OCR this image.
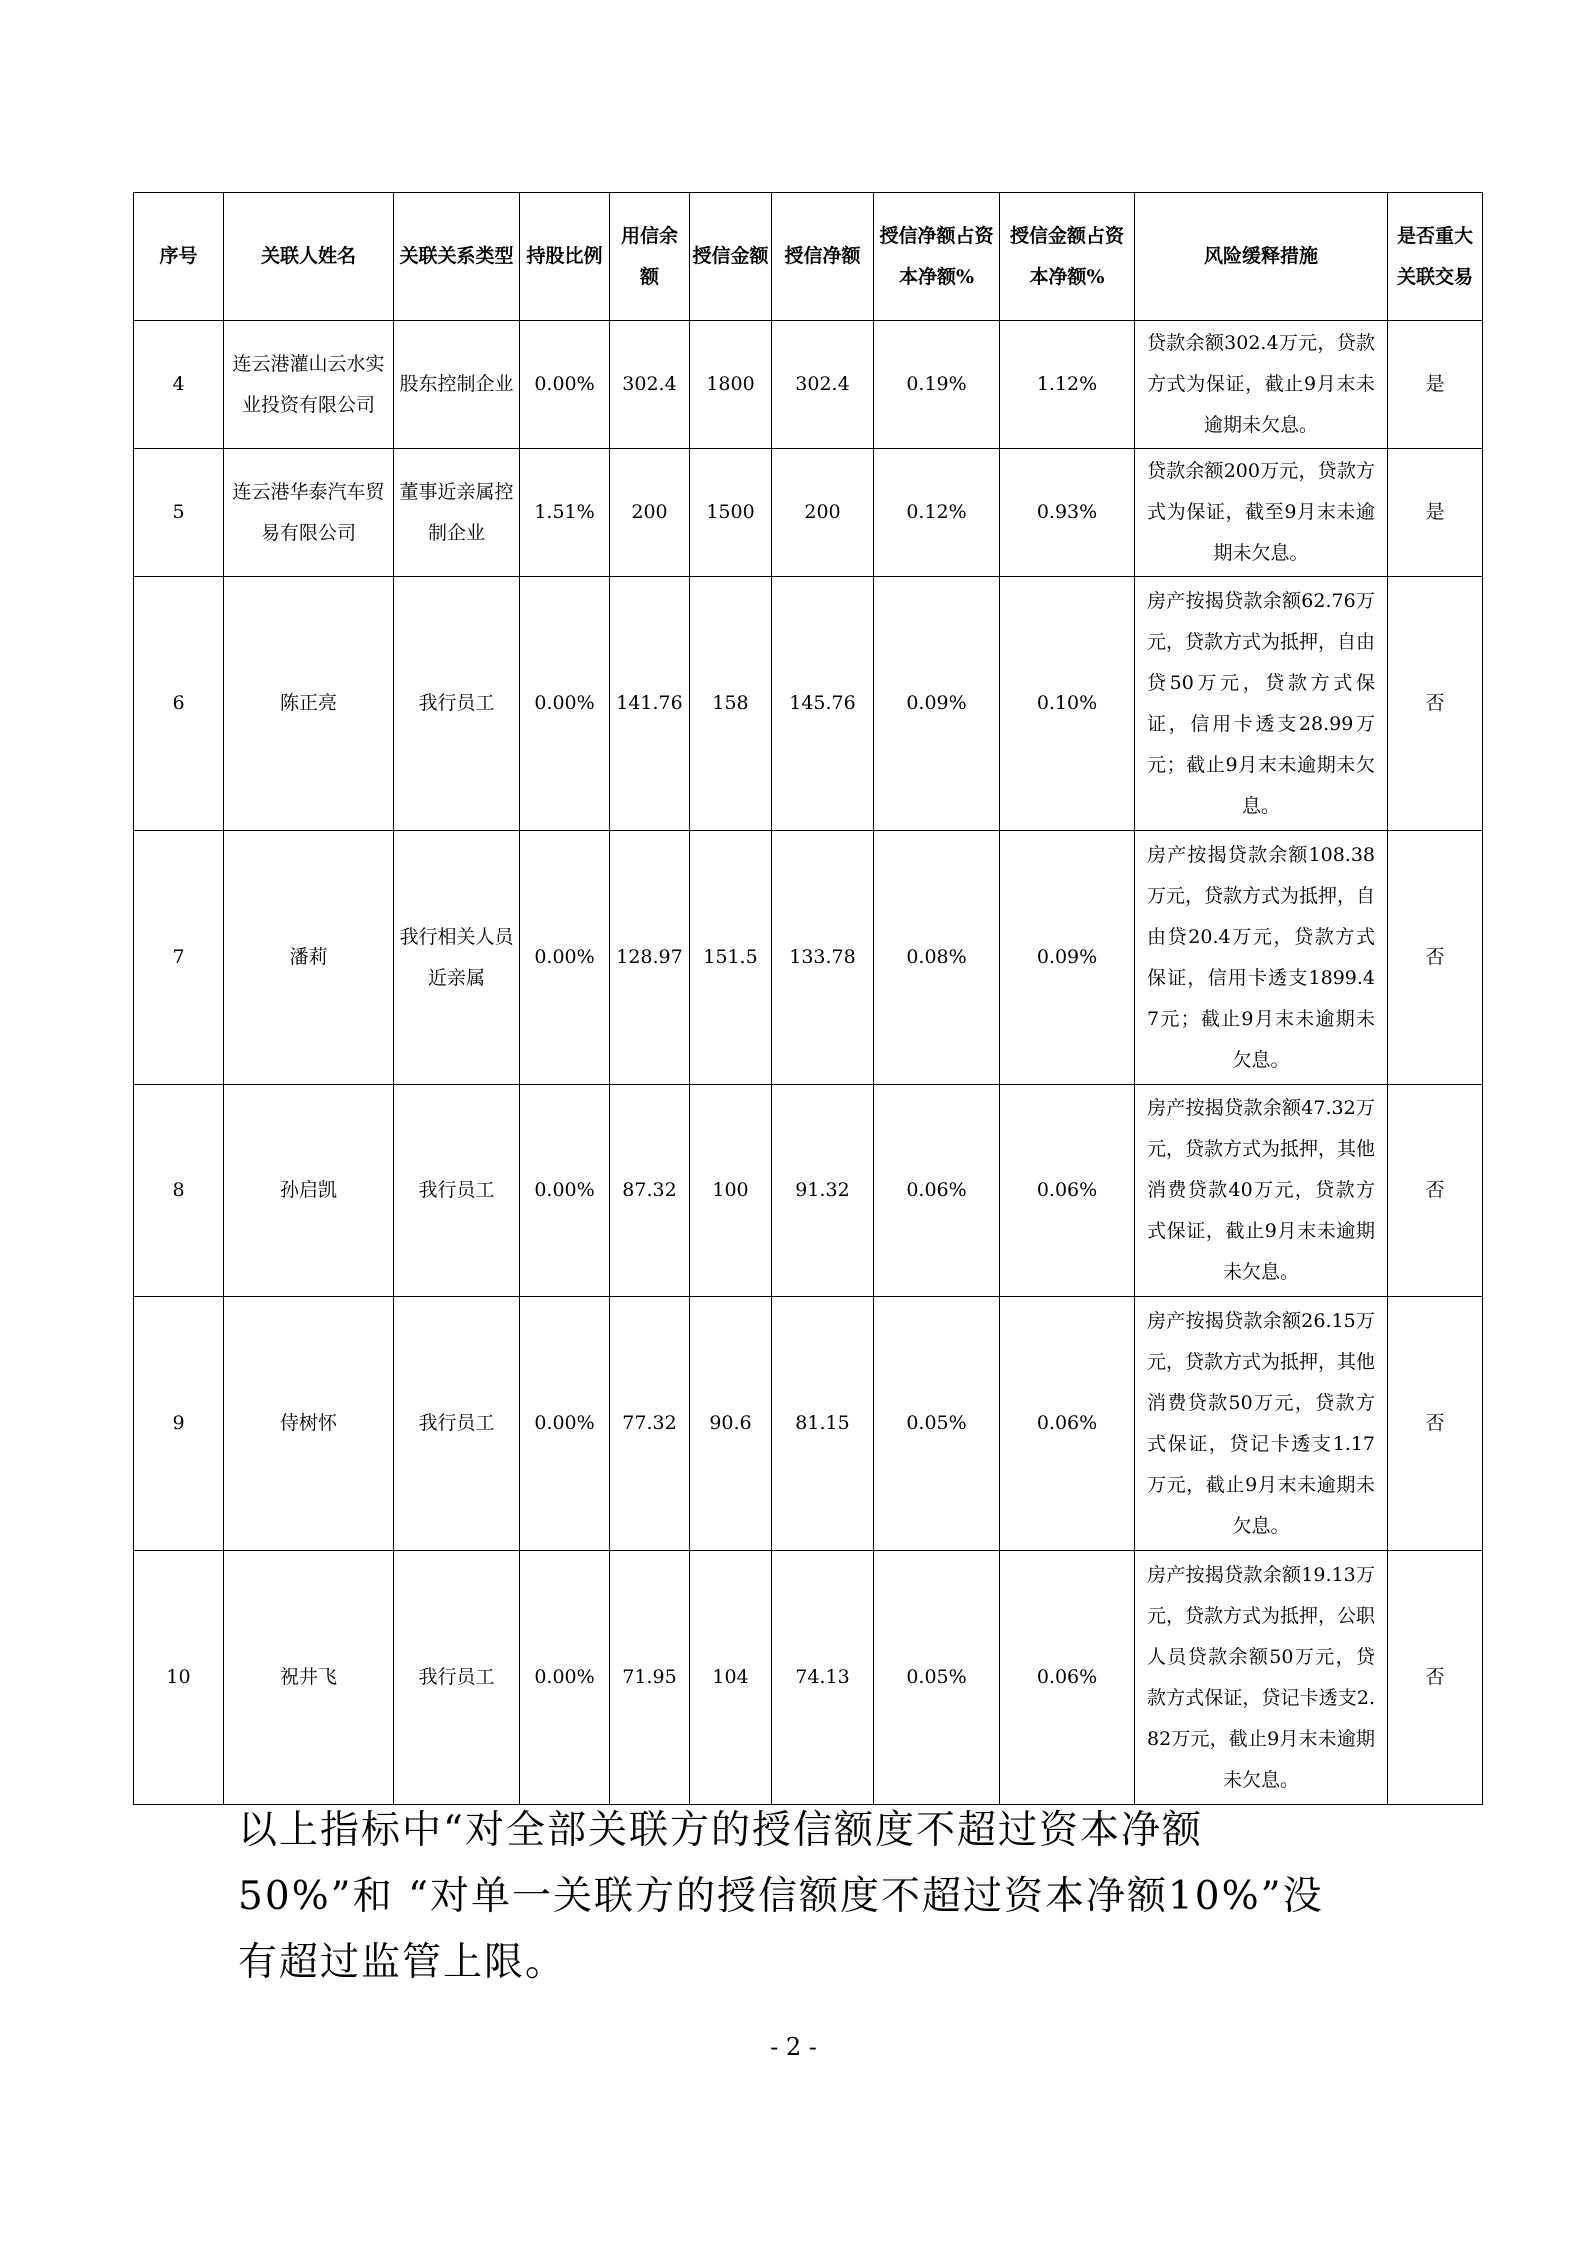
序号	关联人姓名	关联关系类型	持股比例	用信余额	授信金额	授信净额	授信净额占资本净额%	授信金额占资本净额%	风险缓释措施	是否重大关联交易
4	连云港灌山云水实业投资有限公司	股东控制企业	0.00%	302.4	1800	302.4	0.19%	1.12%	贷款余额302.4万元，贷款方式为保证，截止9月末未逾期未欠息。	是
5	连云港华泰汽车贸易有限公司	董事近亲属控制企业	1.51%	200	1500	200	0.12%	0.93%	贷款余额200万元，贷款方式为保证，截至9月末未逾期未欠息。	是
6	陈正亮	我行员工	0.00%	141.76	158	145.76	0.09%	0.10%	房产按揭贷款余额62.76万元，贷款方式为抵押，自由贷50万元，贷款方式保证，信用卡透支28.99万元；截止9月末未逾期未欠息。	否
7	潘莉	我行相关人员近亲属	0.00%	128.97	151.5	133.78	0.08%	0.09%	房产按揭贷款余额108.38万元，贷款方式为抵押，自由贷20.4万元，贷款方式保证，信用卡透支1899.47元；截止9月末未逾期未欠息。	否
8	孙启凯	我行员工	0.00%	87.32	100	91.32	0.06%	0.06%	房产按揭贷款余额47.32万元，贷款方式为抵押，其他消费贷款40万元，贷款方式保证，截止9月末未逾期未欠息。	否
9	侍树怀	我行员工	0.00%	77.32	90.6	81.15	0.05%	0.06%	房产按揭贷款余额26.15万元，贷款方式为抵押，其他消费贷款50万元，贷款方式保证，贷记卡透支1.17万元，截止9月末未逾期未欠息。	否
10	祝井飞	我行员工	0.00%	71.95	104	74.13	0.05%	0.06%	房产按揭贷款余额19.13万元，贷款方式为抵押，公职人员贷款余额50万元，贷款方式保证，贷记卡透支2.82万元，截止9月末未逾期未欠息。	否
以上指标中“对全部关联方的授信额度不超过资本净额50%”和 “对单一关联方的授信额度不超过资本净额10%”没有超过监管上限。
- 2 -
